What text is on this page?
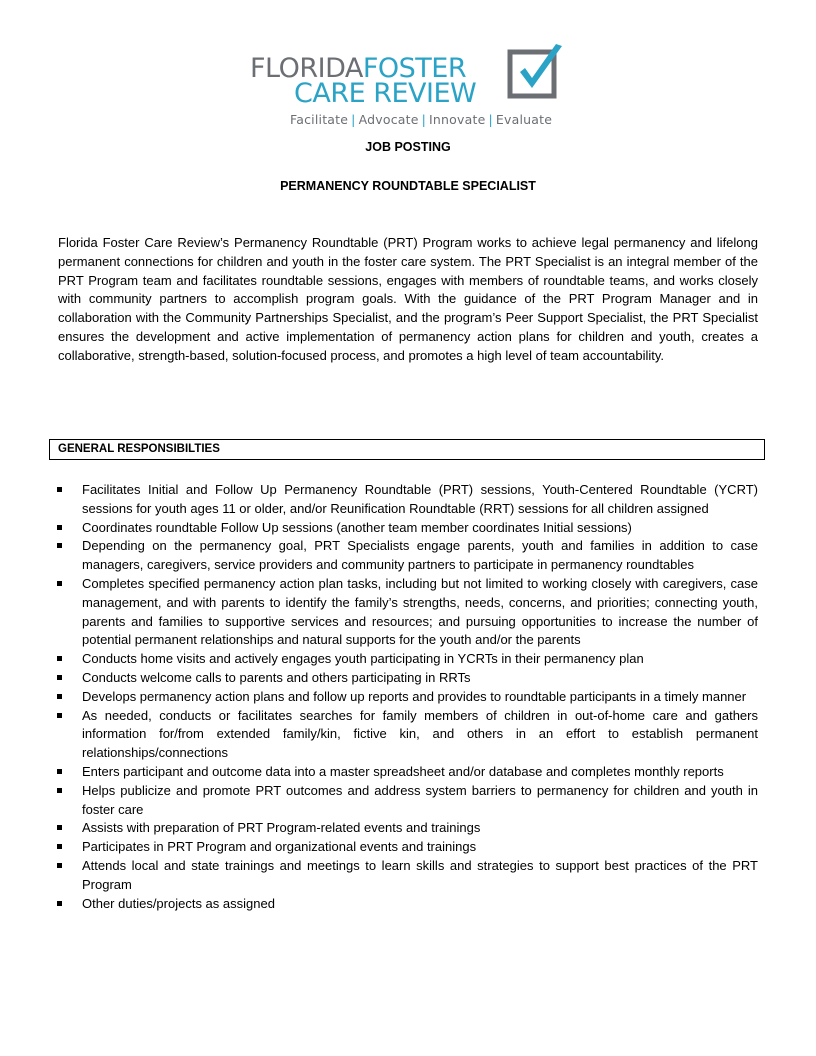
FLORIDAFOSTER
CARE REVIEW
Facilitate | Advocate | Innovate | Evaluate
JOB POSTING
PERMANENCY ROUNDTABLE SPECIALIST

Florida Foster Care Review’s Permanency Roundtable (PRT) Program works to achieve legal permanency and lifelong permanent connections for children and youth in the foster care system. The PRT Specialist is an integral member of the PRT Program team and facilitates roundtable sessions, engages with members of roundtable teams, and works closely with community partners to accomplish program goals. With the guidance of the PRT Program Manager and in collaboration with the Community Partnerships Specialist, and the program’s Peer Support Specialist, the PRT Specialist ensures the development and active implementation of permanency action plans for children and youth, creates a collaborative, strength-based, solution-focused process, and promotes a high level of team accountability.

GENERAL RESPONSIBILTIES
Facilitates Initial and Follow Up Permanency Roundtable (PRT) sessions, Youth-Centered Roundtable (YCRT) sessions for youth ages 11 or older, and/or Reunification Roundtable (RRT) sessions for all children assigned
Coordinates roundtable Follow Up sessions (another team member coordinates Initial sessions)
Depending on the permanency goal, PRT Specialists engage parents, youth and families in addition to case managers, caregivers, service providers and community partners to participate in permanency roundtables
Completes specified permanency action plan tasks, including but not limited to working closely with caregivers, case management, and with parents to identify the family’s strengths, needs, concerns, and priorities; connecting youth, parents and families to supportive services and resources; and pursuing opportunities to increase the number of potential permanent relationships and natural supports for the youth and/or the parents
Conducts home visits and actively engages youth participating in YCRTs in their permanency plan
Conducts welcome calls to parents and others participating in RRTs
Develops permanency action plans and follow up reports and provides to roundtable participants in a timely manner
As needed, conducts or facilitates searches for family members of children in out-of-home care and gathers information for/from extended family/kin, fictive kin, and others in an effort to establish permanent relationships/connections
Enters participant and outcome data into a master spreadsheet and/or database and completes monthly reports
Helps publicize and promote PRT outcomes and address system barriers to permanency for children and youth in foster care
Assists with preparation of PRT Program-related events and trainings
Participates in PRT Program and organizational events and trainings
Attends local and state trainings and meetings to learn skills and strategies to support best practices of the PRT Program
Other duties/projects as assigned
